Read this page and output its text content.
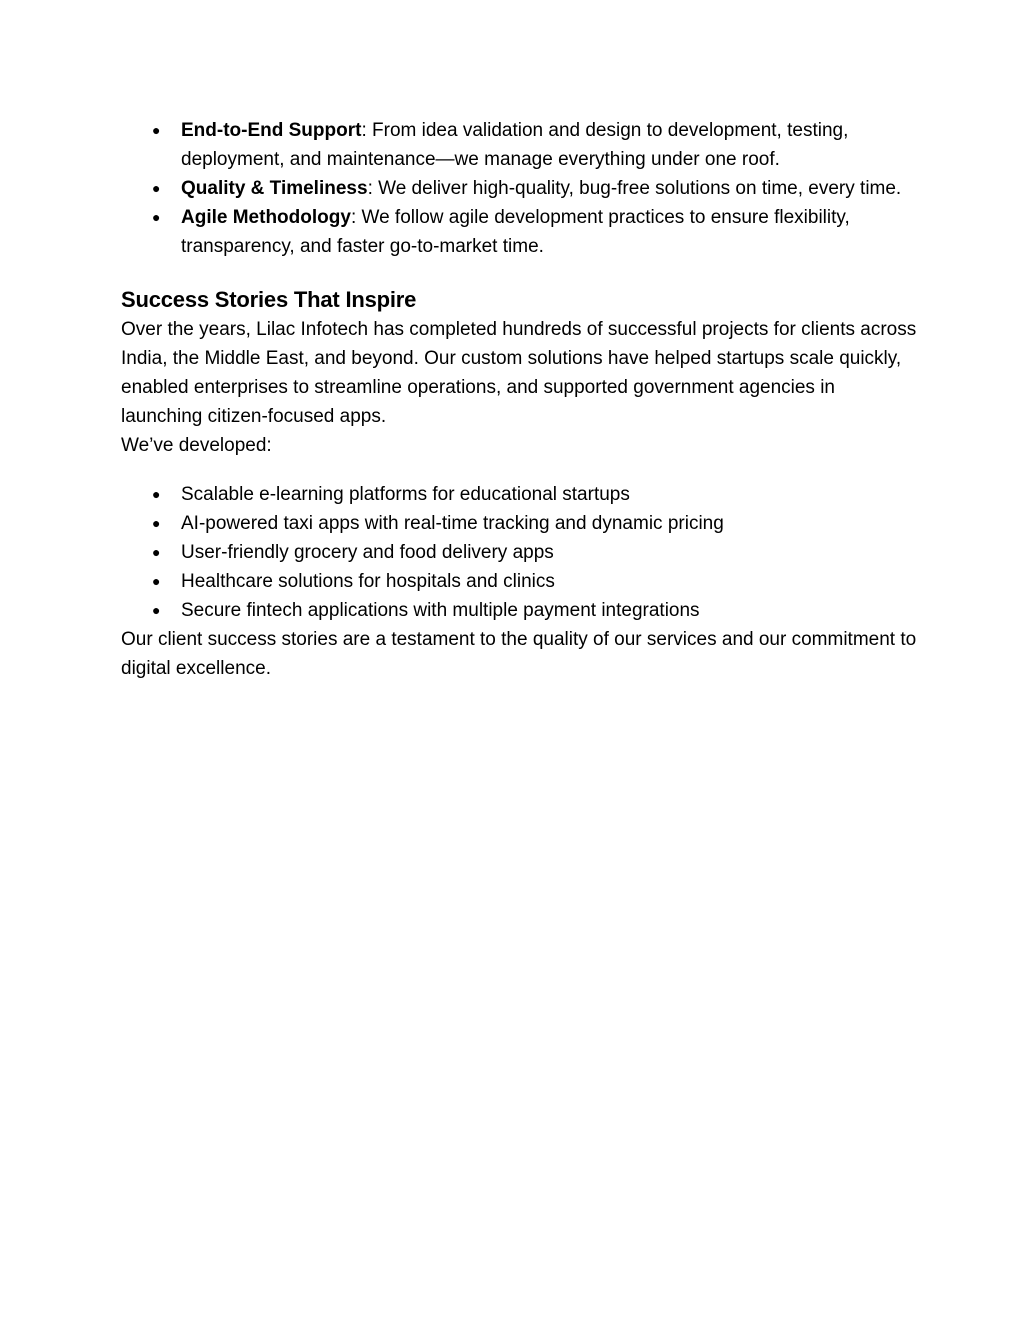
● End-to-End Support: From idea validation and design to development, testing, deployment, and maintenance—we manage everything under one roof.
● Quality & Timeliness: We deliver high-quality, bug-free solutions on time, every time.
● Agile Methodology: We follow agile development practices to ensure flexibility, transparency, and faster go-to-market time.
Success Stories That Inspire

Over the years, Lilac Infotech has completed hundreds of successful projects for clients across India, the Middle East, and beyond. Our custom solutions have helped startups scale quickly, enabled enterprises to streamline operations, and supported government agencies in launching citizen-focused apps.

We’ve developed:

● Scalable e-learning platforms for educational startups
● AI-powered taxi apps with real-time tracking and dynamic pricing
● User-friendly grocery and food delivery apps
● Healthcare solutions for hospitals and clinics
● Secure fintech applications with multiple payment integrations

Our client success stories are a testament to the quality of our services and our commitment to digital excellence.
